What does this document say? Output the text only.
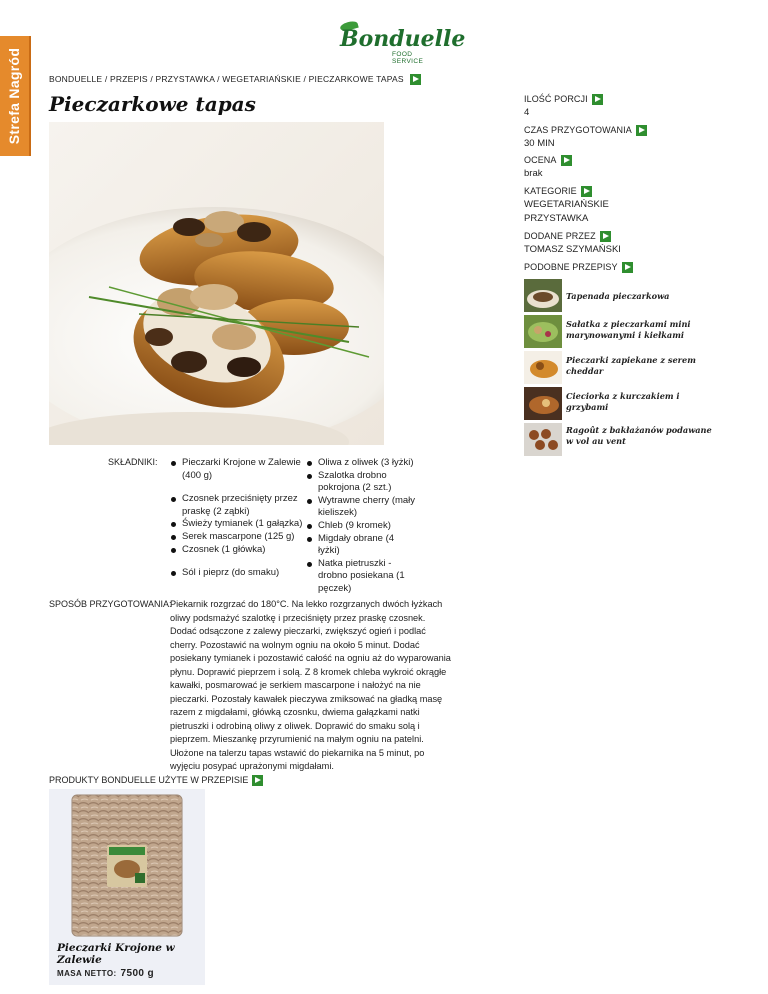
Strefa Nagród
Bonduelle
FOOD SERVICE
BONDUELLE / PRZEPIS / PRZYSTAWKA / WEGETARIAŃSKIE / PIECZARKOWE TAPAS
Pieczarkowe tapas	ILOŚĆ PORCJI
4
CZAS PRZYGOTOWANIA
30 MIN
OCENA
brak
KATEGORIE
WEGETARIAŃSKIE
PRZYSTAWKA
DODANE PRZEZ
TOMASZ SZYMAŃSKI
PODOBNE PRZEPISY
Tapenada pieczarkowa
Sałatka z pieczarkami mini marynowanymi i kiełkami
Pieczarki zapiekane z serem cheddar
Cieciorka z kurczakiem i grzybami
Ragoût z bakłażanów podawane w vol au vent
SKŁADNIKI:	Pieczarki Krojone w Zalewie (400 g)
Czosnek przeciśnięty przez praskę (2 ząbki)
Świeży tymianek (1 gałązka)
Serek mascarpone (125 g)
Czosnek (1 główka)
Sól i pieprz (do smaku)
Oliwa z oliwek (3 łyżki)
Szalotka drobno pokrojona (2 szt.)
Wytrawne cherry (mały kieliszek)
Chleb (9 kromek)
Migdały obrane (4 łyżki)
Natka pietruszki - drobno posiekana (1 pęczek)
SPOSÓB PRZYGOTOWANIA:
Piekarnik rozgrzać do 180°C. Na lekko rozgrzanych dwóch łyżkach oliwy podsmażyć szalotkę i przeciśnięty przez praskę czosnek. Dodać odsączone z zalewy pieczarki, zwiększyć ogień i podlać cherry. Pozostawić na wolnym ogniu na około 5 minut. Dodać posiekany tymianek i pozostawić całość na ogniu aż do wyparowania płynu. Doprawić pieprzem i solą. Z 8 kromek chleba wykroić okrągłe kawałki, posmarować je serkiem mascarpone i nałożyć na nie pieczarki. Pozostały kawałek pieczywa zmiksować na gładką masę razem z migdałami, główką czosnku, dwiema gałązkami natki pietruszki i odrobiną oliwy z oliwek. Doprawić do smaku solą i pieprzem. Mieszankę przyrumienić na małym ogniu na patelni. Ułożone na talerzu tapas wstawić do piekarnika na 5 minut, po wyjęciu posypać uprażonymi migdałami.
PRODUKTY BONDUELLE UŻYTE W PRZEPISIE
Pieczarki Krojone w Zalewie
MASA NETTO: 7500 g
